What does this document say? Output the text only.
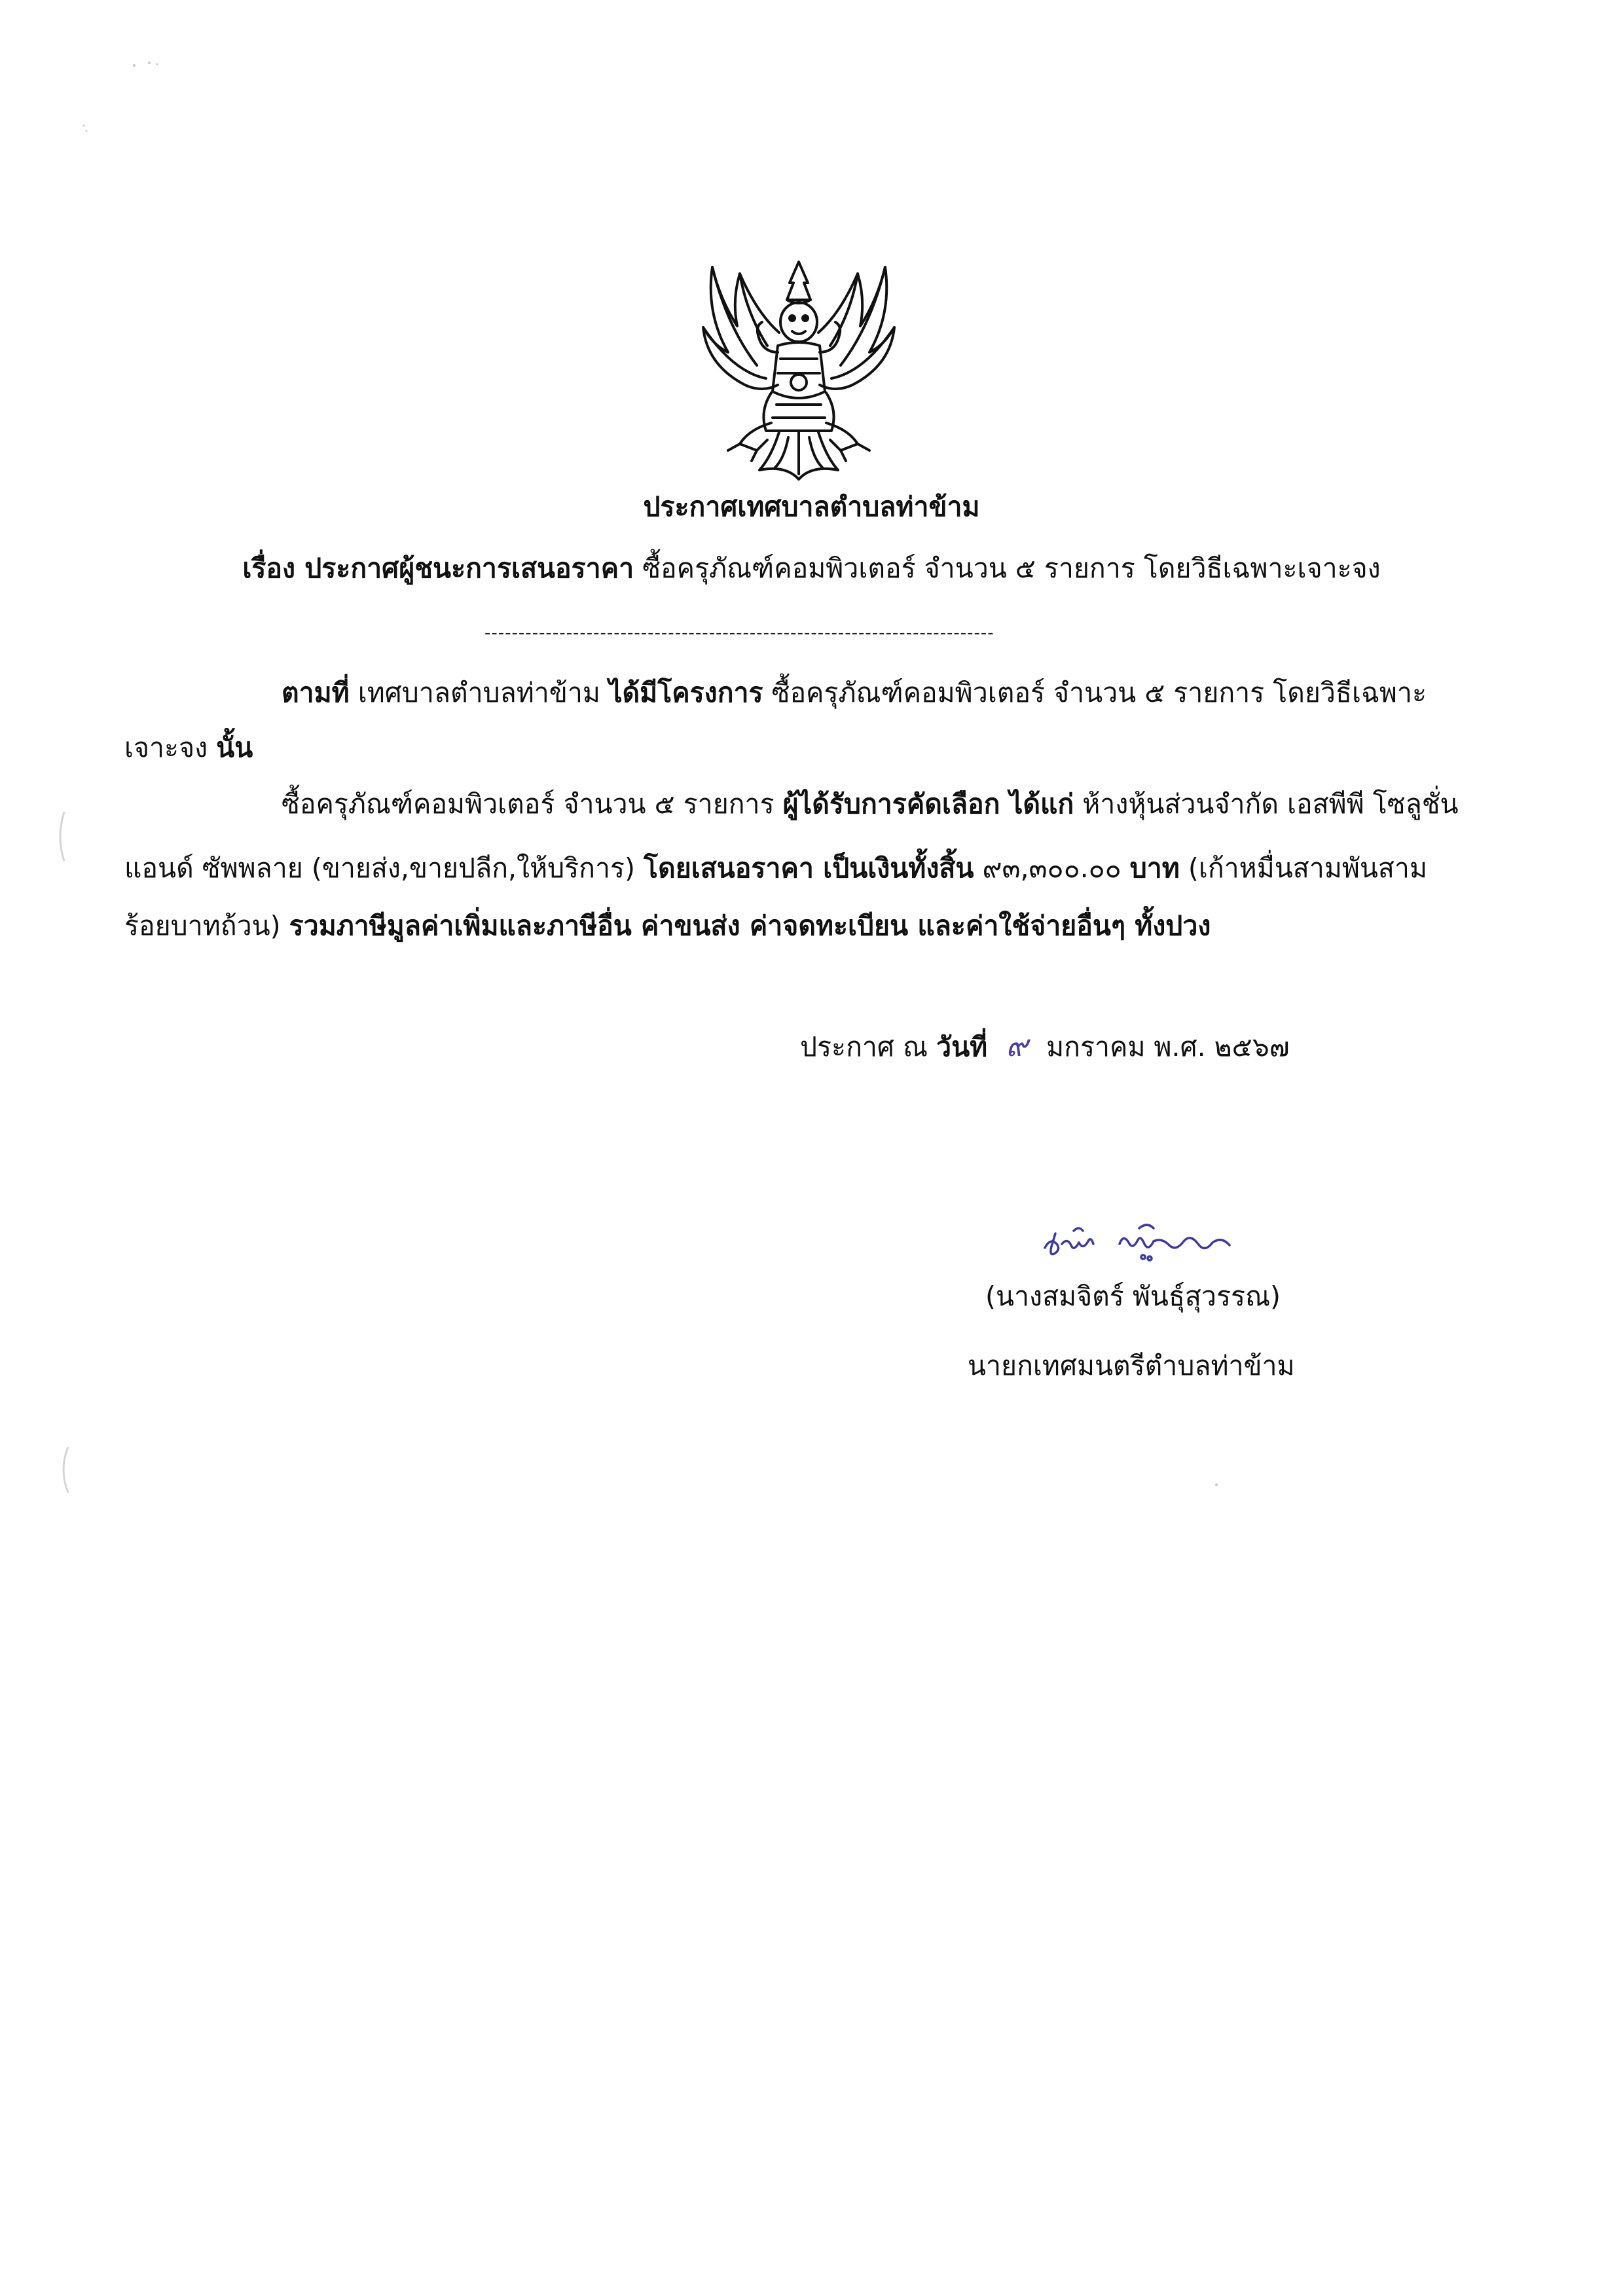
ประกาศเทศบาลตำบลท่าข้าม
เรื่อง ประกาศผู้ชนะการเสนอราคา ซื้อครุภัณฑ์คอมพิวเตอร์ จำนวน ๕ รายการ โดยวิธีเฉพาะเจาะจง
---------------------------------------------------------------------------
ตามที่ เทศบาลตำบลท่าข้าม ได้มีโครงการ ซื้อครุภัณฑ์คอมพิวเตอร์ จำนวน ๕ รายการ โดยวิธีเฉพาะ
เจาะจง นั้น
ซื้อครุภัณฑ์คอมพิวเตอร์ จำนวน ๕ รายการ ผู้ได้รับการคัดเลือก ได้แก่ ห้างหุ้นส่วนจำกัด เอสพีพี โซลูชั่น
แอนด์ ซัพพลาย (ขายส่ง,ขายปลีก,ให้บริการ) โดยเสนอราคา เป็นเงินทั้งสิ้น ๙๓,๓๐๐.๐๐ บาท (เก้าหมื่นสามพันสาม
ร้อยบาทถ้วน) รวมภาษีมูลค่าเพิ่มและภาษีอื่น ค่าขนส่ง ค่าจดทะเบียน และค่าใช้จ่ายอื่นๆ ทั้งปวง
ประกาศ ณ วันที่ ๙ มกราคม พ.ศ. ๒๕๖๗
(นางสมจิตร์ พันธุ์สุวรรณ)
นายกเทศมนตรีตำบลท่าข้าม
